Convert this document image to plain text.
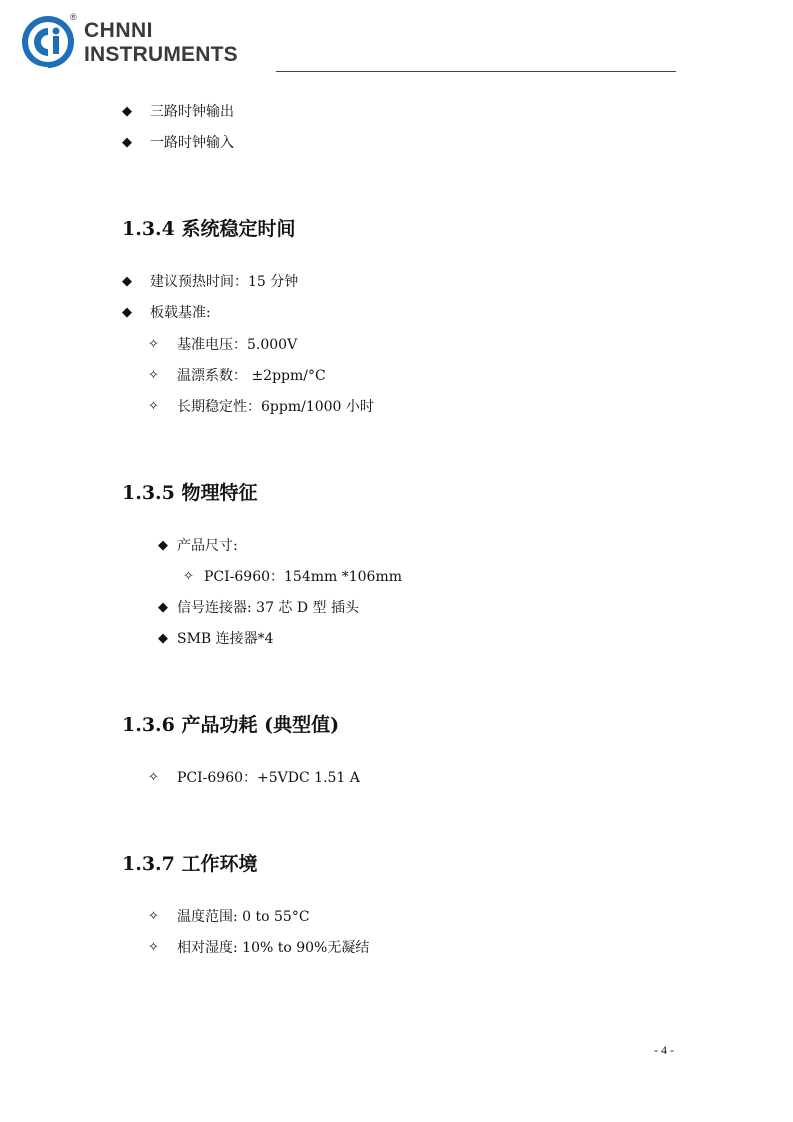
®
CHNNI
INSTRUMENTS
◆	三路时钟输出
◆	一路时钟输入
1.3.4 系统稳定时间
◆	建议预热时间：15 分钟
◆	板载基准:
✧	基准电压：5.000V
✧	温漂系数： ±2ppm/°C
✧	长期稳定性：6ppm/1000 小时
1.3.5 物理特征
◆ 产品尺寸:
✧ PCI-6960：154mm *106mm
◆ 信号连接器: 37 芯 D 型 插头
◆ SMB 连接器*4
1.3.6 产品功耗 (典型值)
✧	PCI-6960：+5VDC 1.51 A
1.3.7 工作环境
✧	温度范围: 0 to 55°C
✧	相对湿度: 10% to 90%无凝结
- 4 -
